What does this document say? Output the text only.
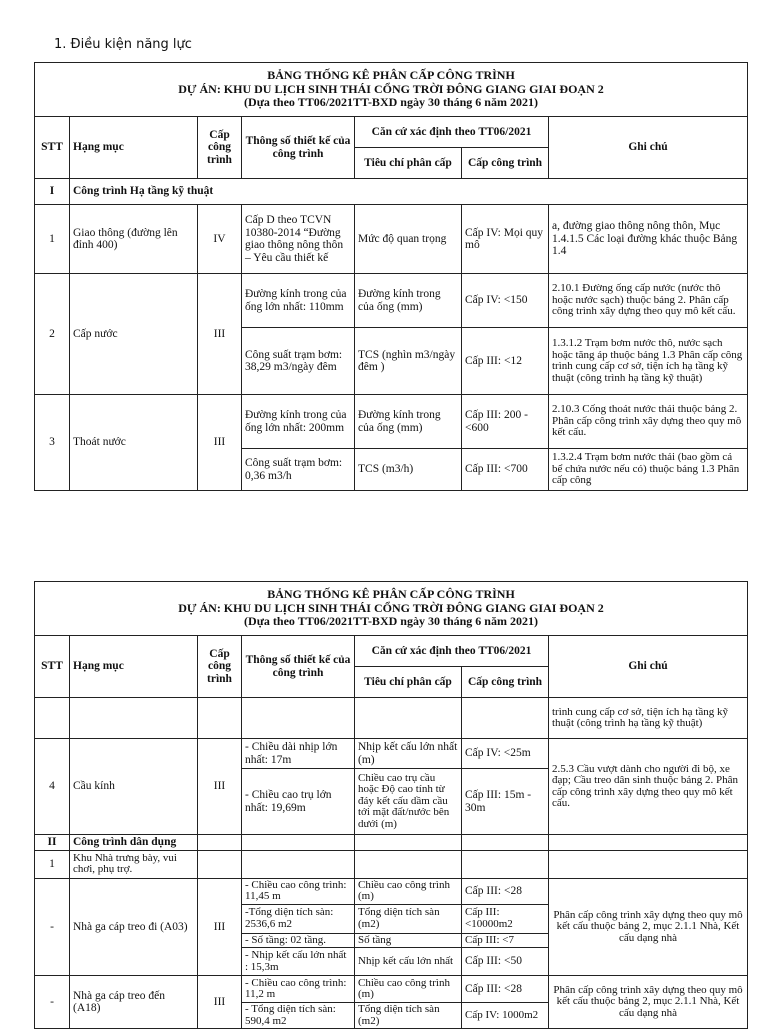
1. Điều kiện năng lực
BẢNG THỐNG KÊ PHÂN CẤP CÔNG TRÌNH
DỰ ÁN: KHU DU LỊCH SINH THÁI CỔNG TRỜI ĐÔNG GIANG GIAI ĐOẠN 2
(Dựa theo TT06/2021TT-BXD ngày 30 tháng 6 năm 2021)						

STT	Hạng mục	Cấp công trình	Thông số thiết kế của công trình	Căn cứ xác định theo TT06/2021		Ghi chú
				Tiêu chí phân cấp	Cấp công trình	
I	Công trình Hạ tầng kỹ thuật					
1	Giao thông (đường lên đỉnh 400)	IV	Cấp D theo TCVN 10380-2014 “Đường giao thông nông thôn – Yêu cầu thiết kế	Mức độ quan trọng	Cấp IV: Mọi quy mô	a, đường giao thông nông thôn, Mục 1.4.1.5 Các loại đường khác thuộc Bảng 1.4
2	Cấp nước	III	Đường kính trong của ống lớn nhất: 110mm	Đường kính trong của ống (mm)	Cấp IV: <150	2.10.1 Đường ống cấp nước (nước thô hoặc nước sạch) thuộc bảng 2. Phân cấp công trình xây dựng theo quy mô kết cấu.
			Công suất trạm bơm: 38,29 m3/ngày đêm	TCS (nghìn m3/ngày đêm )	Cấp III: <12	1.3.1.2 Trạm bơm nước thô, nước sạch hoặc tăng áp thuộc bảng 1.3 Phân cấp công trình cung cấp cơ sở, tiện ích hạ tầng kỹ thuật (công trình hạ tầng kỹ thuật)
3	Thoát nước	III	Đường kính trong của ống lớn nhất: 200mm	Đường kính trong của ống (mm)	Cấp III: 200 - <600	2.10.3 Cống thoát nước thải thuộc bảng 2. Phân cấp công trình xây dựng theo quy mô kết cấu.
			Công suất trạm bơm: 0,36 m3/h	TCS (m3/h)	Cấp III: <700	1.3.2.4 Trạm bơm nước thải (bao gồm cả bể chứa nước nếu có) thuộc bảng 1.3 Phân cấp công
BẢNG THỐNG KÊ PHÂN CẤP CÔNG TRÌNH
DỰ ÁN: KHU DU LỊCH SINH THÁI CỔNG TRỜI ĐÔNG GIANG GIAI ĐOẠN 2
(Dựa theo TT06/2021TT-BXD ngày 30 tháng 6 năm 2021)						

STT	Hạng mục	Cấp công trình	Thông số thiết kế của công trình	Căn cứ xác định theo TT06/2021		Ghi chú
				Tiêu chí phân cấp	Cấp công trình	
						trình cung cấp cơ sở, tiện ích hạ tầng kỹ thuật (công trình hạ tầng kỹ thuật)
4	Cầu kính	III	- Chiều dài nhịp lớn nhất: 17m	Nhịp kết cấu lớn nhất (m)	Cấp IV: <25m	2.5.3 Cầu vượt dành cho người đi bộ, xe đạp; Cầu treo dân sinh thuộc bảng 2. Phân cấp công trình xây dựng theo quy mô kết cấu.
			- Chiều cao trụ lớn nhất: 19,69m	Chiều cao trụ cầu hoặc Độ cao tính từ đáy kết cấu dầm cầu tới mặt đất/nước bên dưới (m)	Cấp III: 15m - 30m	
II	Công trình dân dụng					
1	Khu Nhà trưng bày, vui chơi, phụ trợ.					
-	Nhà ga cáp treo đi (A03)	III	- Chiều cao công trình: 11,45 m	Chiều cao công trình (m)	Cấp III: <28	Phân cấp công trình xây dựng theo quy mô kết cấu thuộc bảng 2, mục 2.1.1 Nhà, Kết cấu dạng nhà
			-Tổng diện tích sàn: 2536,6 m2	Tổng diện tích sàn (m2)	Cấp III: <10000m2	
			- Số tầng: 02 tầng.	Số tầng	Cấp III: <7	
			- Nhịp kết cấu lớn nhất : 15,3m	Nhịp kết cấu lớn nhất	Cấp III: <50	
-	Nhà ga cáp treo đến (A18)	III	- Chiều cao công trình: 11,2 m	Chiều cao công trình (m)	Cấp III: <28	Phân cấp công trình xây dựng theo quy mô kết cấu thuộc bảng 2, mục 2.1.1 Nhà, Kết cấu dạng nhà
			- Tổng diện tích sàn: 590,4 m2	Tổng diện tích sàn (m2)	Cấp IV: 1000m2	
